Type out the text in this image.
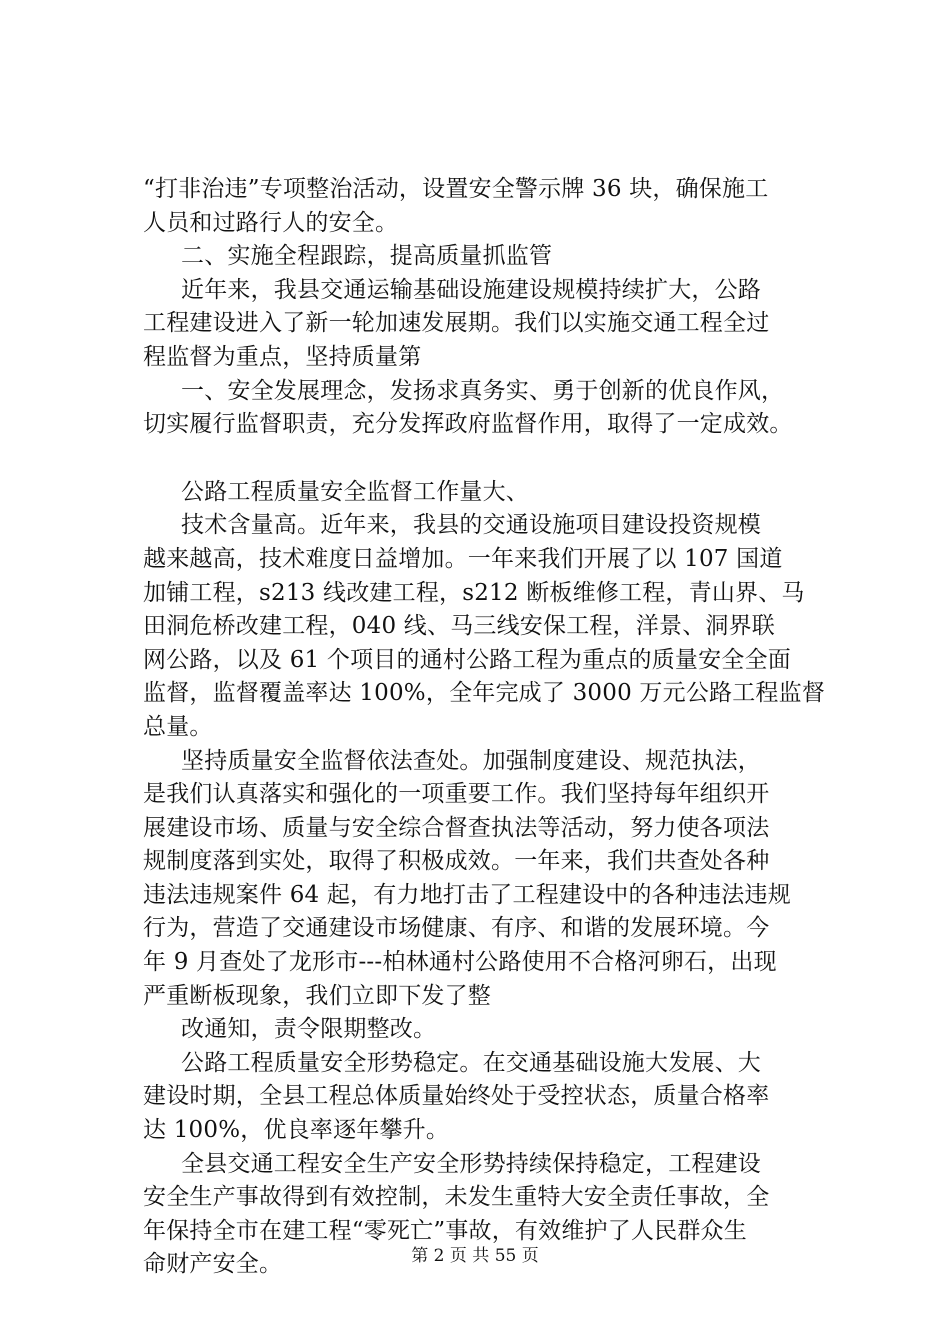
“打非治违”专项整治活动，设置安全警示牌 36 块，确保施工
人员和过路行人的安全。
二、实施全程跟踪，提高质量抓监管
近年来，我县交通运输基础设施建设规模持续扩大，公路
工程建设进入了新一轮加速发展期。我们以实施交通工程全过
程监督为重点，坚持质量第
一、安全发展理念，发扬求真务实、勇于创新的优良作风，
切实履行监督职责，充分发挥政府监督作用，取得了一定成效。
公路工程质量安全监督工作量大、
技术含量高。近年来，我县的交通设施项目建设投资规模
越来越高，技术难度日益增加。一年来我们开展了以 107 国道
加铺工程，s213 线改建工程，s212 断板维修工程，青山界、马
田洞危桥改建工程，040 线、马三线安保工程，洋景、洞界联
网公路，以及 61 个项目的通村公路工程为重点的质量安全全面
监督，监督覆盖率达 100%，全年完成了 3000 万元公路工程监督
总量。
坚持质量安全监督依法查处。加强制度建设、规范执法，
是我们认真落实和强化的一项重要工作。我们坚持每年组织开
展建设市场、质量与安全综合督查执法等活动，努力使各项法
规制度落到实处，取得了积极成效。一年来，我们共查处各种
违法违规案件 64 起，有力地打击了工程建设中的各种违法违规
行为，营造了交通建设市场健康、有序、和谐的发展环境。今
年 9 月查处了龙形市---柏林通村公路使用不合格河卵石，出现
严重断板现象，我们立即下发了整
改通知，责令限期整改。
公路工程质量安全形势稳定。在交通基础设施大发展、大
建设时期，全县工程总体质量始终处于受控状态，质量合格率
达 100%，优良率逐年攀升。
全县交通工程安全生产安全形势持续保持稳定，工程建设
安全生产事故得到有效控制，未发生重特大安全责任事故，全
年保持全市在建工程“零死亡”事故，有效维护了人民群众生
命财产安全。	第 2 页 共 55 页
